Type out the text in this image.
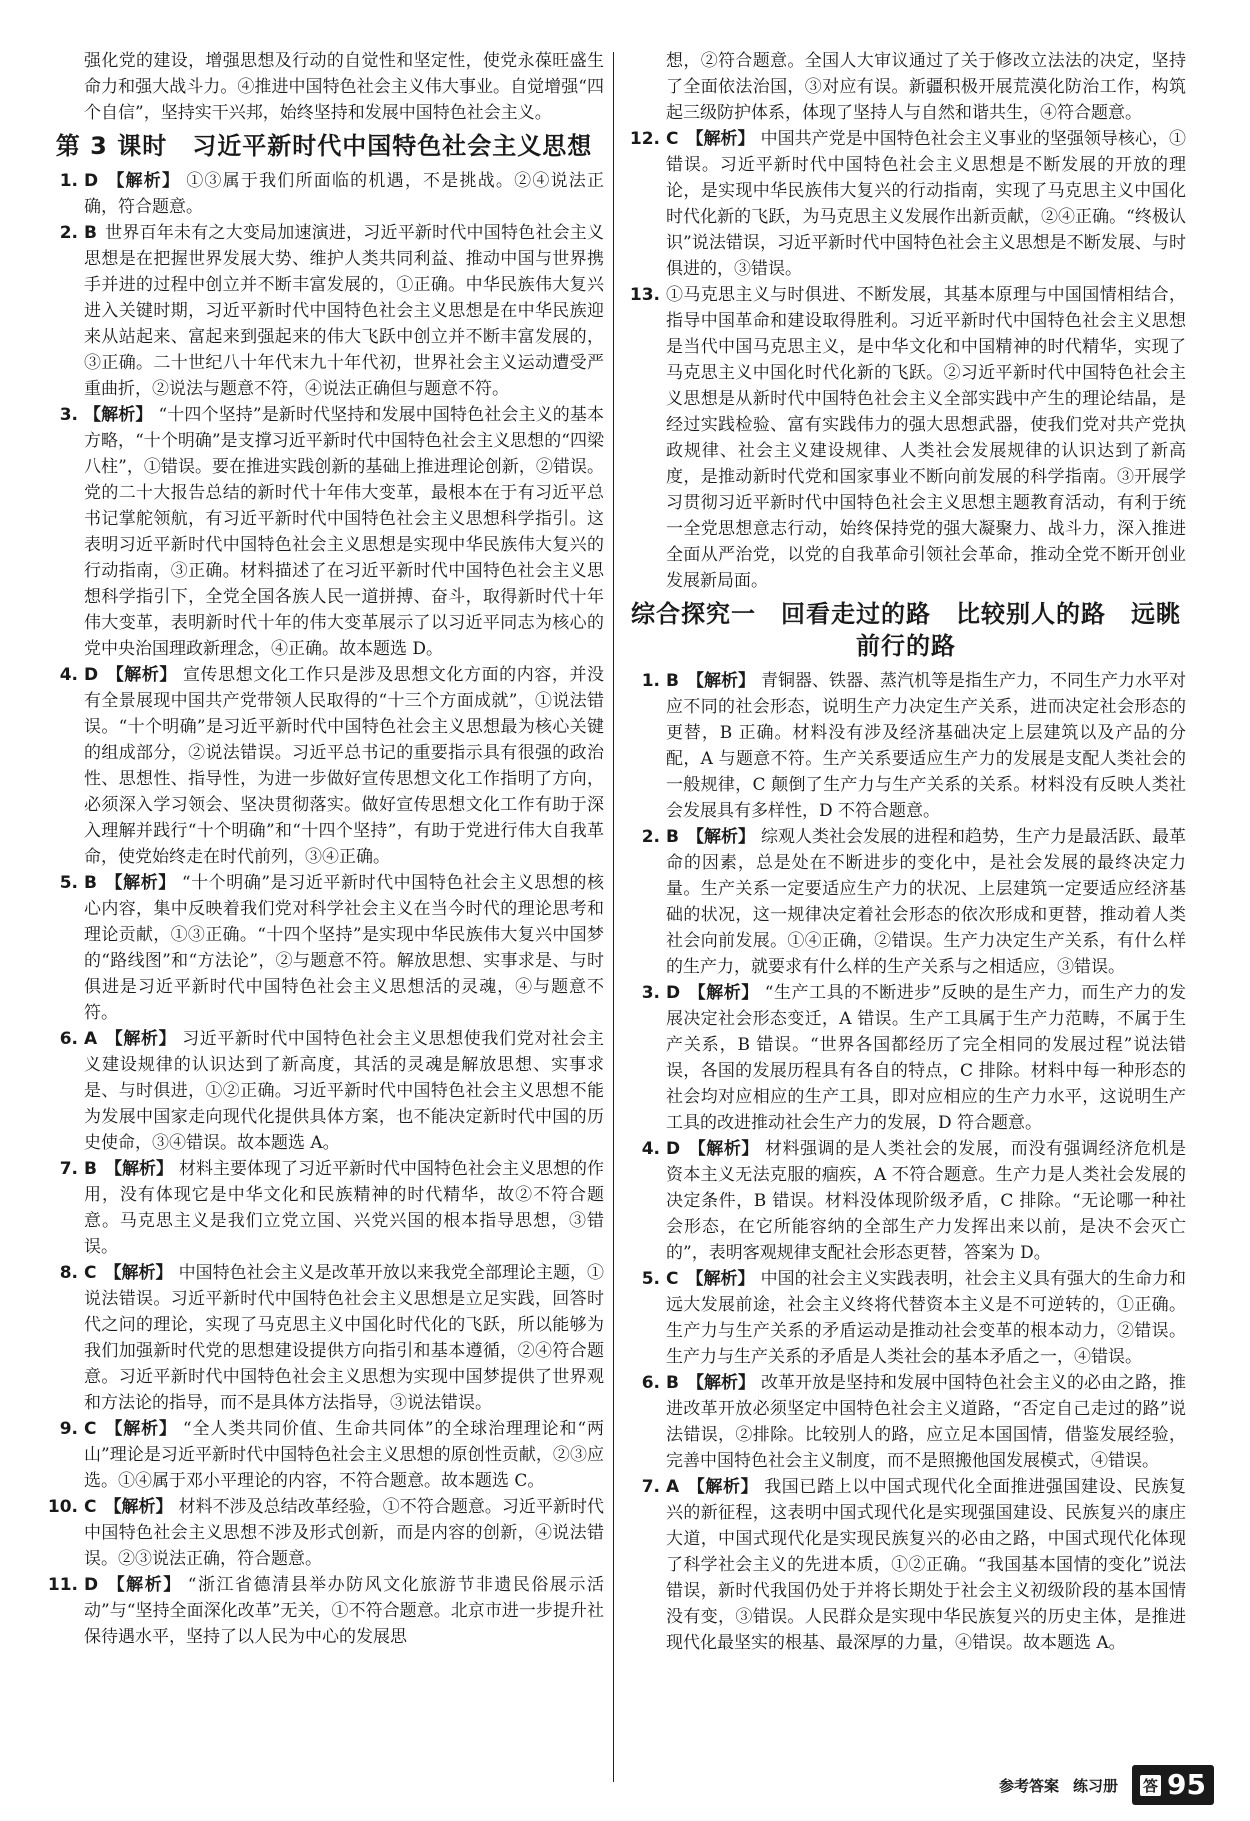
强化党的建设，增强思想及行动的自觉性和坚定性，使党永葆旺盛生命力和强大战斗力。④推进中国特色社会主义伟大事业。自觉增强“四个自信”，坚持实干兴邦，始终坚持和发展中国特色社会主义。
第 3 课时　习近平新时代中国特色社会主义思想
1. D 【解析】 ①③属于我们所面临的机遇，不是挑战。②④说法正确，符合题意。
2. B 世界百年未有之大变局加速演进，习近平新时代中国特色社会主义思想是在把握世界发展大势、维护人类共同利益、推动中国与世界携手并进的过程中创立并不断丰富发展的，①正确。中华民族伟大复兴进入关键时期，习近平新时代中国特色社会主义思想是在中华民族迎来从站起来、富起来到强起来的伟大飞跃中创立并不断丰富发展的，③正确。二十世纪八十年代末九十年代初，世界社会主义运动遭受严重曲折，②说法与题意不符，④说法正确但与题意不符。
3. 【解析】 “十四个坚持”是新时代坚持和发展中国特色社会主义的基本方略，“十个明确”是支撑习近平新时代中国特色社会主义思想的“四梁八柱”，①错误。要在推进实践创新的基础上推进理论创新，②错误。党的二十大报告总结的新时代十年伟大变革，最根本在于有习近平总书记掌舵领航，有习近平新时代中国特色社会主义思想科学指引。这表明习近平新时代中国特色社会主义思想是实现中华民族伟大复兴的行动指南，③正确。材料描述了在习近平新时代中国特色社会主义思想科学指引下，全党全国各族人民一道拼搏、奋斗，取得新时代十年伟大变革，表明新时代十年的伟大变革展示了以习近平同志为核心的党中央治国理政新理念，④正确。故本题选 D。
4. D 【解析】 宣传思想文化工作只是涉及思想文化方面的内容，并没有全景展现中国共产党带领人民取得的“十三个方面成就”，①说法错误。“十个明确”是习近平新时代中国特色社会主义思想最为核心关键的组成部分，②说法错误。习近平总书记的重要指示具有很强的政治性、思想性、指导性，为进一步做好宣传思想文化工作指明了方向，必须深入学习领会、坚决贯彻落实。做好宣传思想文化工作有助于深入理解并践行“十个明确”和“十四个坚持”，有助于党进行伟大自我革命，使党始终走在时代前列，③④正确。
5. B 【解析】 “十个明确”是习近平新时代中国特色社会主义思想的核心内容，集中反映着我们党对科学社会主义在当今时代的理论思考和理论贡献，①③正确。“十四个坚持”是实现中华民族伟大复兴中国梦的“路线图”和“方法论”，②与题意不符。解放思想、实事求是、与时俱进是习近平新时代中国特色社会主义思想活的灵魂，④与题意不符。
6. A 【解析】 习近平新时代中国特色社会主义思想使我们党对社会主义建设规律的认识达到了新高度，其活的灵魂是解放思想、实事求是、与时俱进，①②正确。习近平新时代中国特色社会主义思想不能为发展中国家走向现代化提供具体方案，也不能决定新时代中国的历史使命，③④错误。故本题选 A。
7. B 【解析】 材料主要体现了习近平新时代中国特色社会主义思想的作用，没有体现它是中华文化和民族精神的时代精华，故②不符合题意。马克思主义是我们立党立国、兴党兴国的根本指导思想，③错误。
8. C 【解析】 中国特色社会主义是改革开放以来我党全部理论主题，①说法错误。习近平新时代中国特色社会主义思想是立足实践，回答时代之问的理论，实现了马克思主义中国化时代化的飞跃，所以能够为我们加强新时代党的思想建设提供方向指引和基本遵循，②④符合题意。习近平新时代中国特色社会主义思想为实现中国梦提供了世界观和方法论的指导，而不是具体方法指导，③说法错误。
9. C 【解析】 “全人类共同价值、生命共同体”的全球治理理论和“两山”理论是习近平新时代中国特色社会主义思想的原创性贡献，②③应选。①④属于邓小平理论的内容，不符合题意。故本题选 C。
10. C 【解析】 材料不涉及总结改革经验，①不符合题意。习近平新时代中国特色社会主义思想不涉及形式创新，而是内容的创新，④说法错误。②③说法正确，符合题意。
11. D 【解析】 “浙江省德清县举办防风文化旅游节非遗民俗展示活动”与“坚持全面深化改革”无关，①不符合题意。北京市进一步提升社保待遇水平，坚持了以人民为中心的发展思
想，②符合题意。全国人大审议通过了关于修改立法法的决定，坚持了全面依法治国，③对应有误。新疆积极开展荒漠化防治工作，构筑起三级防护体系，体现了坚持人与自然和谐共生，④符合题意。
12. C 【解析】 中国共产党是中国特色社会主义事业的坚强领导核心，①错误。习近平新时代中国特色社会主义思想是不断发展的开放的理论，是实现中华民族伟大复兴的行动指南，实现了马克思主义中国化时代化新的飞跃，为马克思主义发展作出新贡献，②④正确。“终极认识”说法错误，习近平新时代中国特色社会主义思想是不断发展、与时俱进的，③错误。
13. ①马克思主义与时俱进、不断发展，其基本原理与中国国情相结合，指导中国革命和建设取得胜利。习近平新时代中国特色社会主义思想是当代中国马克思主义，是中华文化和中国精神的时代精华，实现了马克思主义中国化时代化新的飞跃。②习近平新时代中国特色社会主义思想是从新时代中国特色社会主义全部实践中产生的理论结晶，是经过实践检验、富有实践伟力的强大思想武器，使我们党对共产党执政规律、社会主义建设规律、人类社会发展规律的认识达到了新高度，是推动新时代党和国家事业不断向前发展的科学指南。③开展学习贯彻习近平新时代中国特色社会主义思想主题教育活动，有利于统一全党思想意志行动，始终保持党的强大凝聚力、战斗力，深入推进全面从严治党，以党的自我革命引领社会革命，推动全党不断开创业发展新局面。
综合探究一　回看走过的路　比较别人的路　远眺前行的路
1. B 【解析】 青铜器、铁器、蒸汽机等是指生产力，不同生产力水平对应不同的社会形态，说明生产力决定生产关系，进而决定社会形态的更替，B 正确。材料没有涉及经济基础决定上层建筑以及产品的分配，A 与题意不符。生产关系要适应生产力的发展是支配人类社会的一般规律，C 颠倒了生产力与生产关系的关系。材料没有反映人类社会发展具有多样性，D 不符合题意。
2. B 【解析】 综观人类社会发展的进程和趋势，生产力是最活跃、最革命的因素，总是处在不断进步的变化中，是社会发展的最终决定力量。生产关系一定要适应生产力的状况、上层建筑一定要适应经济基础的状况，这一规律决定着社会形态的依次形成和更替，推动着人类社会向前发展。①④正确，②错误。生产力决定生产关系，有什么样的生产力，就要求有什么样的生产关系与之相适应，③错误。
3. D 【解析】 “生产工具的不断进步”反映的是生产力，而生产力的发展决定社会形态变迁，A 错误。生产工具属于生产力范畴，不属于生产关系，B 错误。“世界各国都经历了完全相同的发展过程”说法错误，各国的发展历程具有各自的特点，C 排除。材料中每一种形态的社会均对应相应的生产工具，即对应相应的生产力水平，这说明生产工具的改进推动社会生产力的发展，D 符合题意。
4. D 【解析】 材料强调的是人类社会的发展，而没有强调经济危机是资本主义无法克服的痼疾，A 不符合题意。生产力是人类社会发展的决定条件，B 错误。材料没体现阶级矛盾，C 排除。“无论哪一种社会形态，在它所能容纳的全部生产力发挥出来以前，是决不会灭亡的”，表明客观规律支配社会形态更替，答案为 D。
5. C 【解析】 中国的社会主义实践表明，社会主义具有强大的生命力和远大发展前途，社会主义终将代替资本主义是不可逆转的，①正确。生产力与生产关系的矛盾运动是推动社会变革的根本动力，②错误。生产力与生产关系的矛盾是人类社会的基本矛盾之一，④错误。
6. B 【解析】 改革开放是坚持和发展中国特色社会主义的必由之路，推进改革开放必须坚定中国特色社会主义道路，“否定自己走过的路”说法错误，②排除。比较别人的路，应立足本国国情，借鉴发展经验，完善中国特色社会主义制度，而不是照搬他国发展模式，④错误。
7. A 【解析】 我国已踏上以中国式现代化全面推进强国建设、民族复兴的新征程，这表明中国式现代化是实现强国建设、民族复兴的康庄大道，中国式现代化是实现民族复兴的必由之路，中国式现代化体现了科学社会主义的先进本质，①②正确。“我国基本国情的变化”说法错误，新时代我国仍处于并将长期处于社会主义初级阶段的基本国情没有变，③错误。人民群众是实现中华民族复兴的历史主体，是推进现代化最坚实的根基、最深厚的力量，④错误。故本题选 A。
参考答案 练习册 答 95
